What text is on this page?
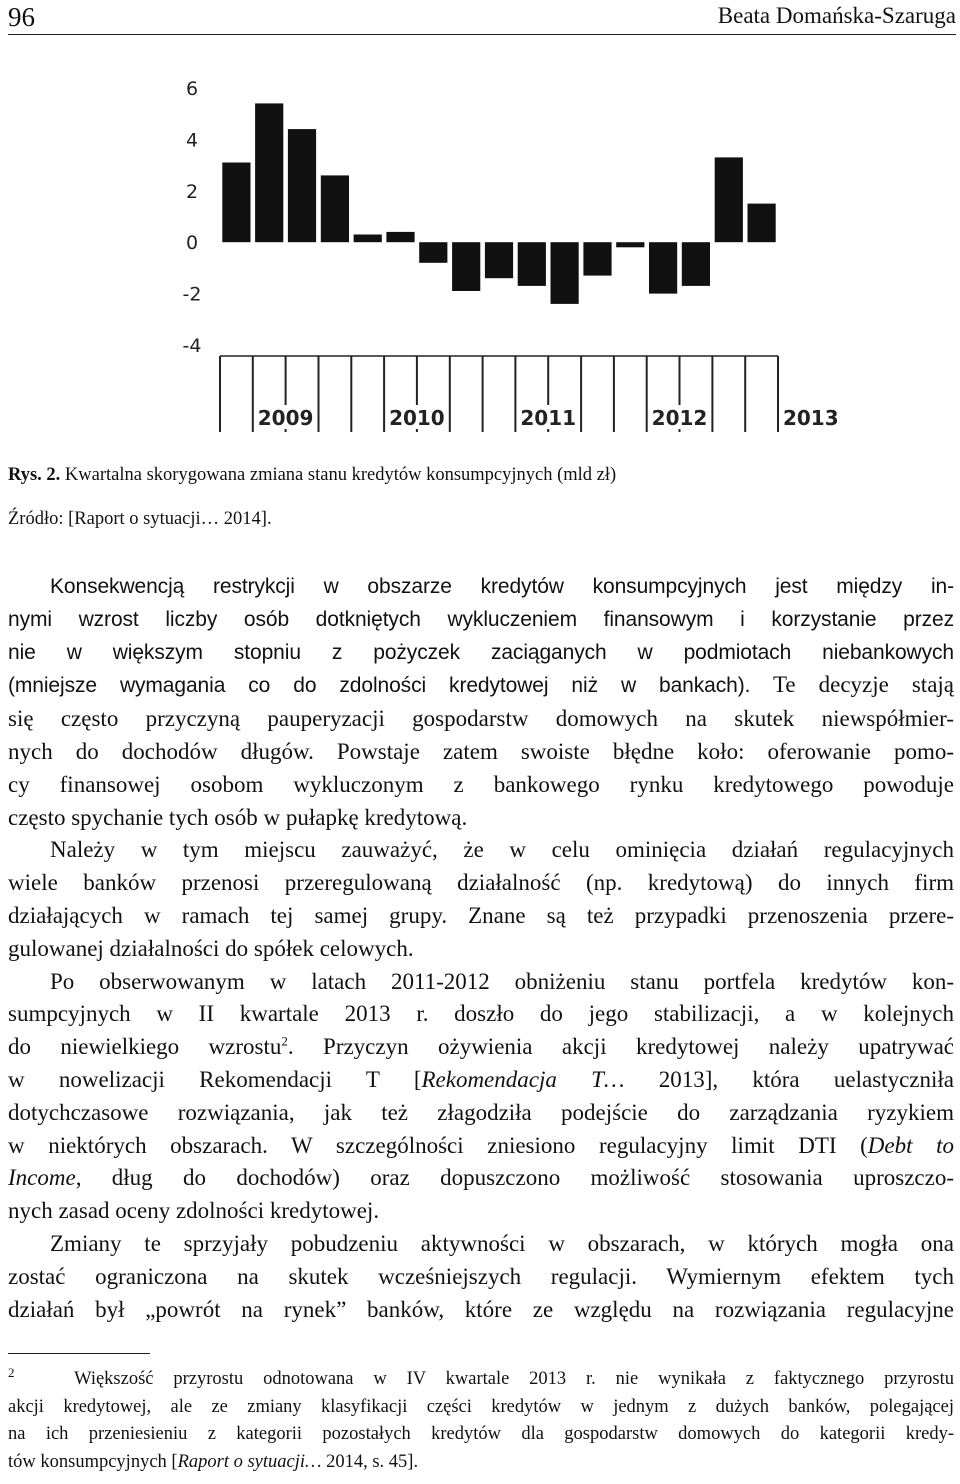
96	Beata Domańska-Szaruga
6
4
2
0
-2
-4
2009	2010	2011	2012	2013
Rys. 2. Kwartalna skorygowana zmiana stanu kredytów konsumpcyjnych (mld zł)
Źródło: [Raport o sytuacji… 2014].

Konsekwencją restrykcji w obszarze kredytów konsumpcyjnych jest między in-
nymi wzrost liczby osób dotkniętych wykluczeniem finansowym i korzystanie przez
nie w większym stopniu z pożyczek zaciąganych w podmiotach niebankowych
(mniejsze wymagania co do zdolności kredytowej niż w bankach). Te decyzje stają
się często przyczyną pauperyzacji gospodarstw domowych na skutek niewspółmier-
nych do dochodów długów. Powstaje zatem swoiste błędne koło: oferowanie pomo-
cy finansowej osobom wykluczonym z bankowego rynku kredytowego powoduje
często spychanie tych osób w pułapkę kredytową.

Należy w tym miejscu zauważyć, że w celu ominięcia działań regulacyjnych
wiele banków przenosi przeregulowaną działalność (np. kredytową) do innych firm
działających w ramach tej samej grupy. Znane są też przypadki przenoszenia przere-
gulowanej działalności do spółek celowych.

Po obserwowanym w latach 2011-2012 obniżeniu stanu portfela kredytów kon-
sumpcyjnych w II kwartale 2013 r. doszło do jego stabilizacji, a w kolejnych
do niewielkiego wzrostu$^2$. Przyczyn ożywienia akcji kredytowej należy upatrywać
w nowelizacji Rekomendacji T [Rekomendacja T… 2013], która uelastyczniła
dotychczasowe rozwiązania, jak też złagodziła podejście do zarządzania ryzykiem
w niektórych obszarach. W szczególności zniesiono regulacyjny limit DTI (Debt to
Income, dług do dochodów) oraz dopuszczono możliwość stosowania uproszczo-
nych zasad oceny zdolności kredytowej.

Zmiany te sprzyjały pobudzeniu aktywności w obszarach, w których mogła ona
zostać ograniczona na skutek wcześniejszych regulacji. Wymiernym efektem tych
działań był „powrót na rynek” banków, które ze względu na rozwiązania regulacyjne

$^2$	Większość przyrostu odnotowana w IV kwartale 2013 r. nie wynikała z faktycznego przyrostu
akcji kredytowej, ale ze zmiany klasyfikacji części kredytów w jednym z dużych banków, polegającej
na ich przeniesieniu z kategorii pozostałych kredytów dla gospodarstw domowych do kategorii kredy-
tów konsumpcyjnych [Raport o sytuacji… 2014, s. 45].
